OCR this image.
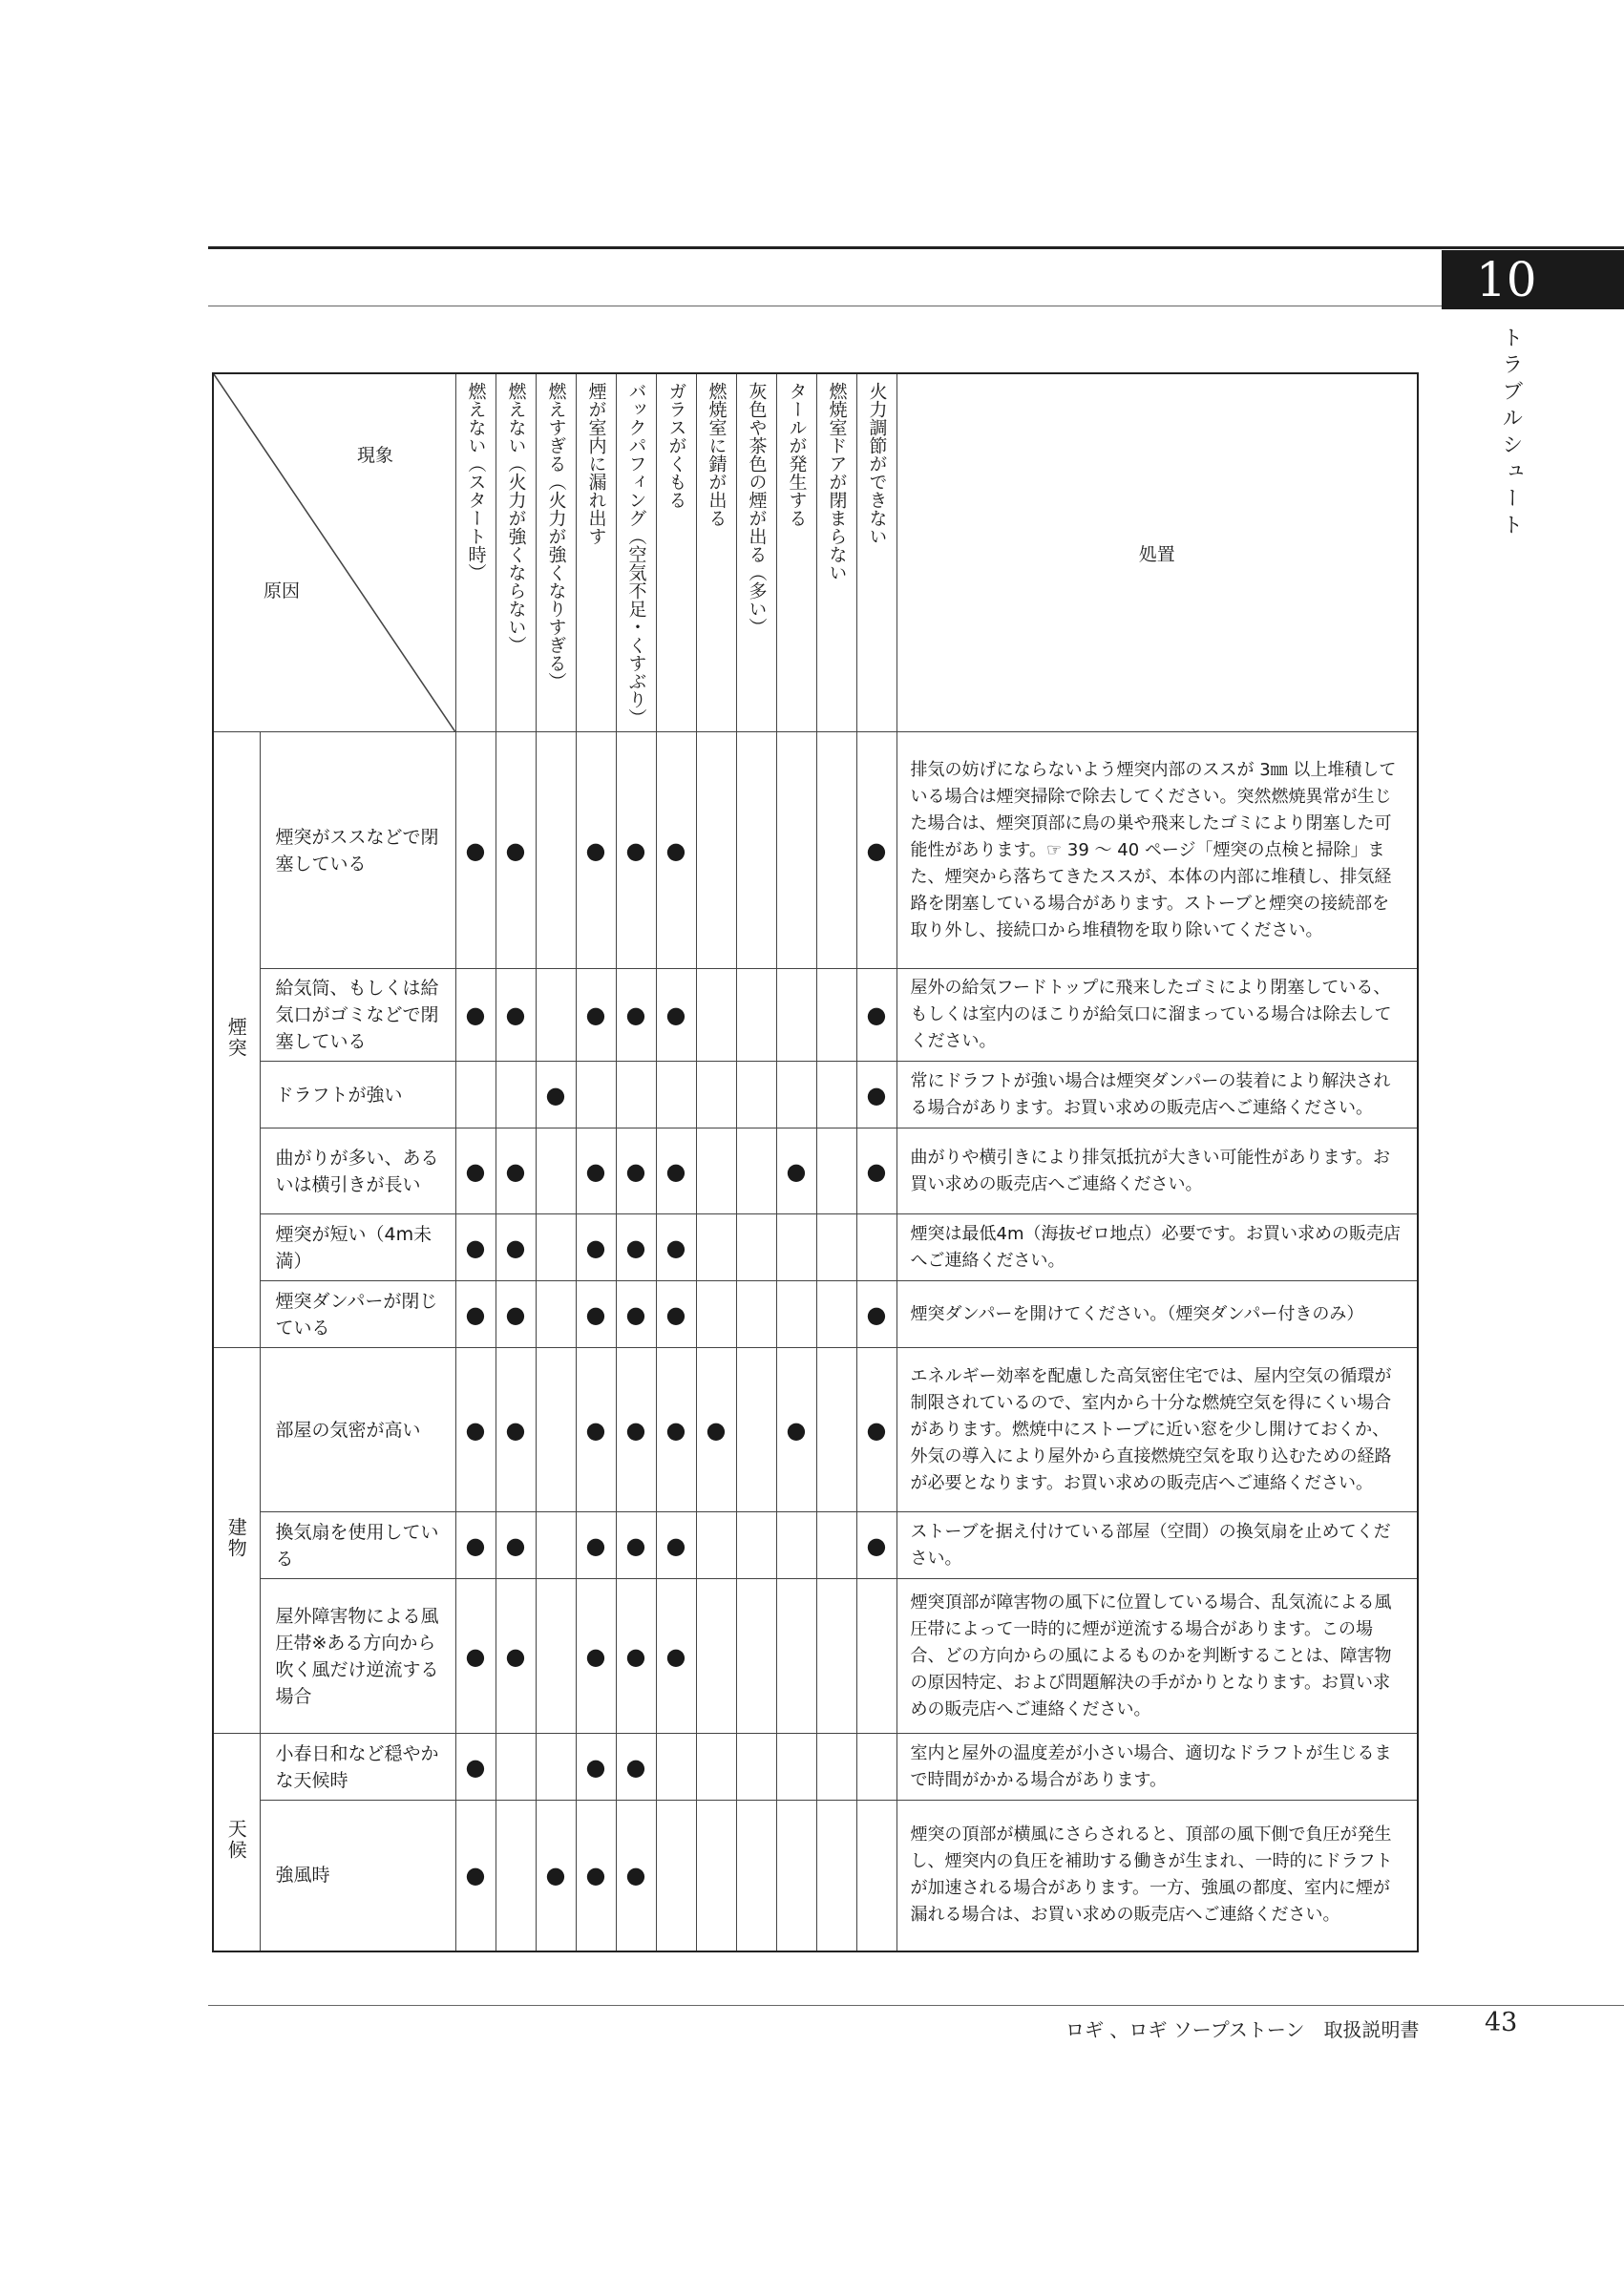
10
トラブルシュート
現象
原因		燃えない（スタート時）	燃えない（火力が強くならない）	燃えすぎる（火力が強くなりすぎる）	煙が室内に漏れ出す	バックパフィング（空気不足・くすぶり）	ガラスがくもる	燃焼室に錆が出る	灰色や茶色の煙が出る（多い）	タールが発生する	燃焼室ドアが閉まらない	火力調節ができない	処置
煙突	煙突がススなどで閉塞している	●	●		●	●	●					●	排気の妨げにならないよう煙突内部のススが 3㎜ 以上堆積している場合は煙突掃除で除去してください。突然燃焼異常が生じた場合は、煙突頂部に鳥の巣や飛来したゴミにより閉塞した可能性があります。☞ 39 ～ 40 ページ「煙突の点検と掃除」また、煙突から落ちてきたススが、本体の内部に堆積し、排気経路を閉塞している場合があります。ストーブと煙突の接続部を取り外し、接続口から堆積物を取り除いてください。
	給気筒、もしくは給気口がゴミなどで閉塞している	●	●		●	●	●					●	屋外の給気フードトップに飛来したゴミにより閉塞している、もしくは室内のほこりが給気口に溜まっている場合は除去してください。
	ドラフトが強い			●								●	常にドラフトが強い場合は煙突ダンパーの装着により解決される場合があります。お買い求めの販売店へご連絡ください。
	曲がりが多い、あるいは横引きが長い	●	●		●	●	●			●		●	曲がりや横引きにより排気抵抗が大きい可能性があります。お買い求めの販売店へご連絡ください。
	煙突が短い（4m未満）	●	●		●	●	●						煙突は最低4m（海抜ゼロ地点）必要です。お買い求めの販売店へご連絡ください。
	煙突ダンパーが閉じている	●	●		●	●	●					●	煙突ダンパーを開けてください。（煙突ダンパー付きのみ）
建物	部屋の気密が高い	●	●		●	●	●	●		●		●	エネルギー効率を配慮した高気密住宅では、屋内空気の循環が制限されているので、室内から十分な燃焼空気を得にくい場合があります。燃焼中にストーブに近い窓を少し開けておくか、外気の導入により屋外から直接燃焼空気を取り込むための経路が必要となります。お買い求めの販売店へご連絡ください。
	換気扇を使用している	●	●		●	●	●					●	ストーブを据え付けている部屋（空間）の換気扇を止めてください。
	屋外障害物による風圧帯※ある方向から吹く風だけ逆流する場合	●	●		●	●	●						煙突頂部が障害物の風下に位置している場合、乱気流による風圧帯によって一時的に煙が逆流する場合があります。この場合、どの方向からの風によるものかを判断することは、障害物の原因特定、および問題解決の手がかりとなります。お買い求めの販売店へご連絡ください。
天候	小春日和など穏やかな天候時	●			●	●							室内と屋外の温度差が小さい場合、適切なドラフトが生じるまで時間がかかる場合があります。
	強風時	●		●	●	●							煙突の頂部が横風にさらされると、頂部の風下側で負圧が発生し、煙突内の負圧を補助する働きが生まれ、一時的にドラフトが加速される場合があります。一方、強風の都度、室内に煙が漏れる場合は、お買い求めの販売店へご連絡ください。
ロギ 、ロギ ソープストーン　取扱説明書	43
